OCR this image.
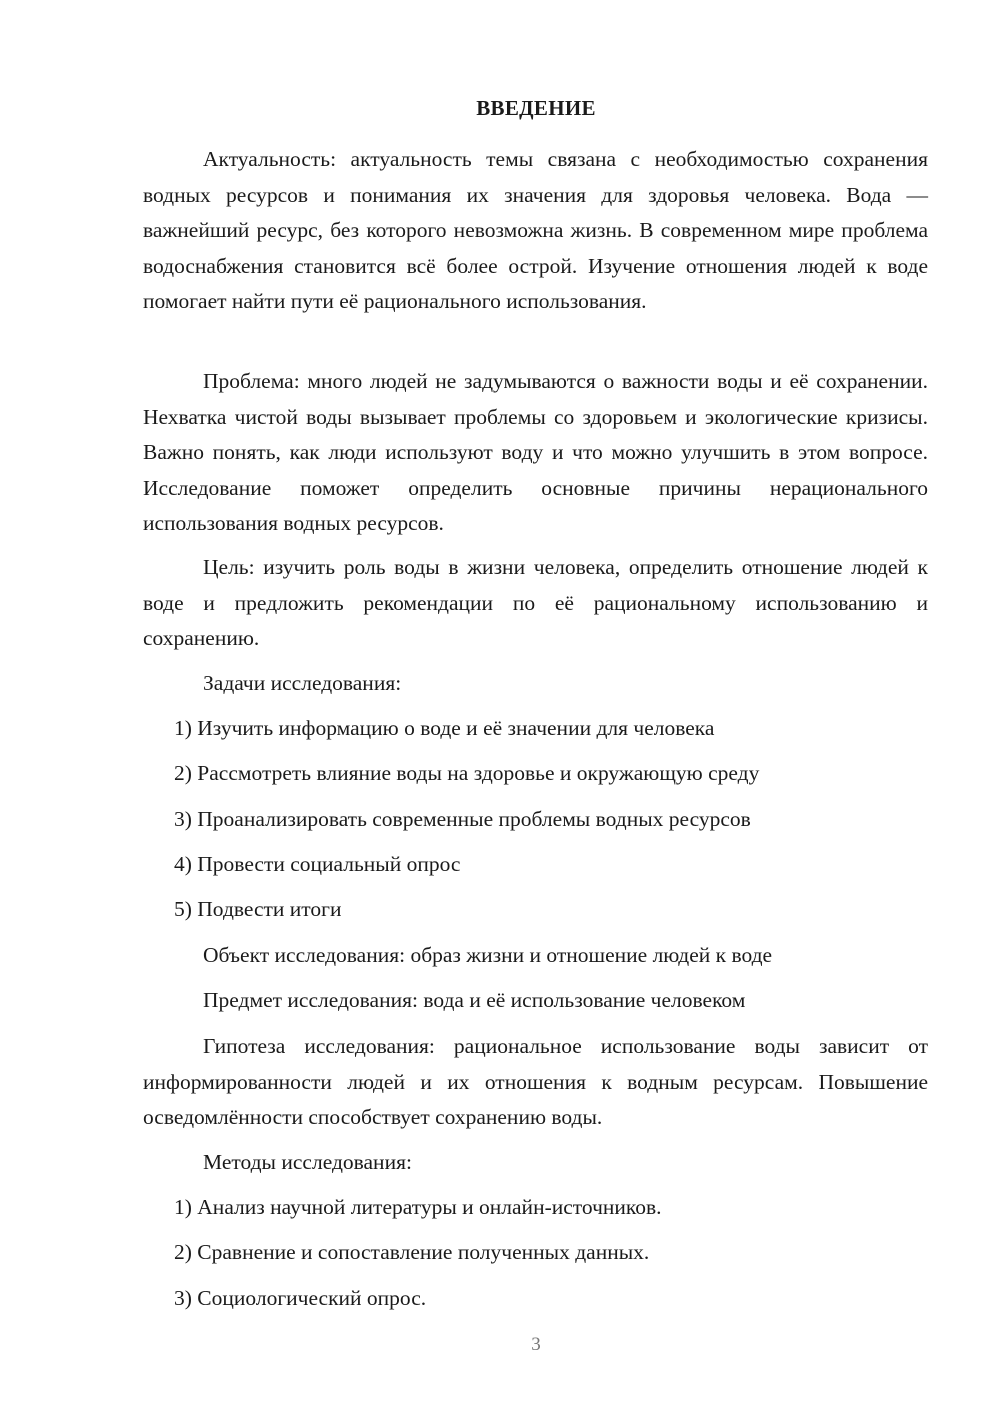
ВВЕДЕНИЕ
Актуальность: актуальность темы связана с необходимостью сохранения водных ресурсов и понимания их значения для здоровья человека. Вода — важнейший ресурс, без которого невозможна жизнь. В современном мире проблема водоснабжения становится всё более острой. Изучение отношения людей к воде помогает найти пути её рационального использования.
Проблема: много людей не задумываются о важности воды и её сохранении. Нехватка чистой воды вызывает проблемы со здоровьем и экологические кризисы. Важно понять, как люди используют воду и что можно улучшить в этом вопросе. Исследование поможет определить основные причины нерационального использования водных ресурсов.
Цель: изучить роль воды в жизни человека, определить отношение людей к воде и предложить рекомендации по её рациональному использованию и сохранению.
Задачи исследования:
1) Изучить информацию о воде и её значении для человека
2) Рассмотреть влияние воды на здоровье и окружающую среду
3) Проанализировать современные проблемы водных ресурсов
4) Провести социальный опрос
5) Подвести итоги
Объект исследования: образ жизни и отношение людей к воде
Предмет исследования: вода и её использование человеком
Гипотеза исследования: рациональное использование воды зависит от информированности людей и их отношения к водным ресурсам. Повышение осведомлённости способствует сохранению воды.
Методы исследования:
1) Анализ научной литературы и онлайн-источников.
2) Сравнение и сопоставление полученных данных.
3) Социологический опрос.
3
